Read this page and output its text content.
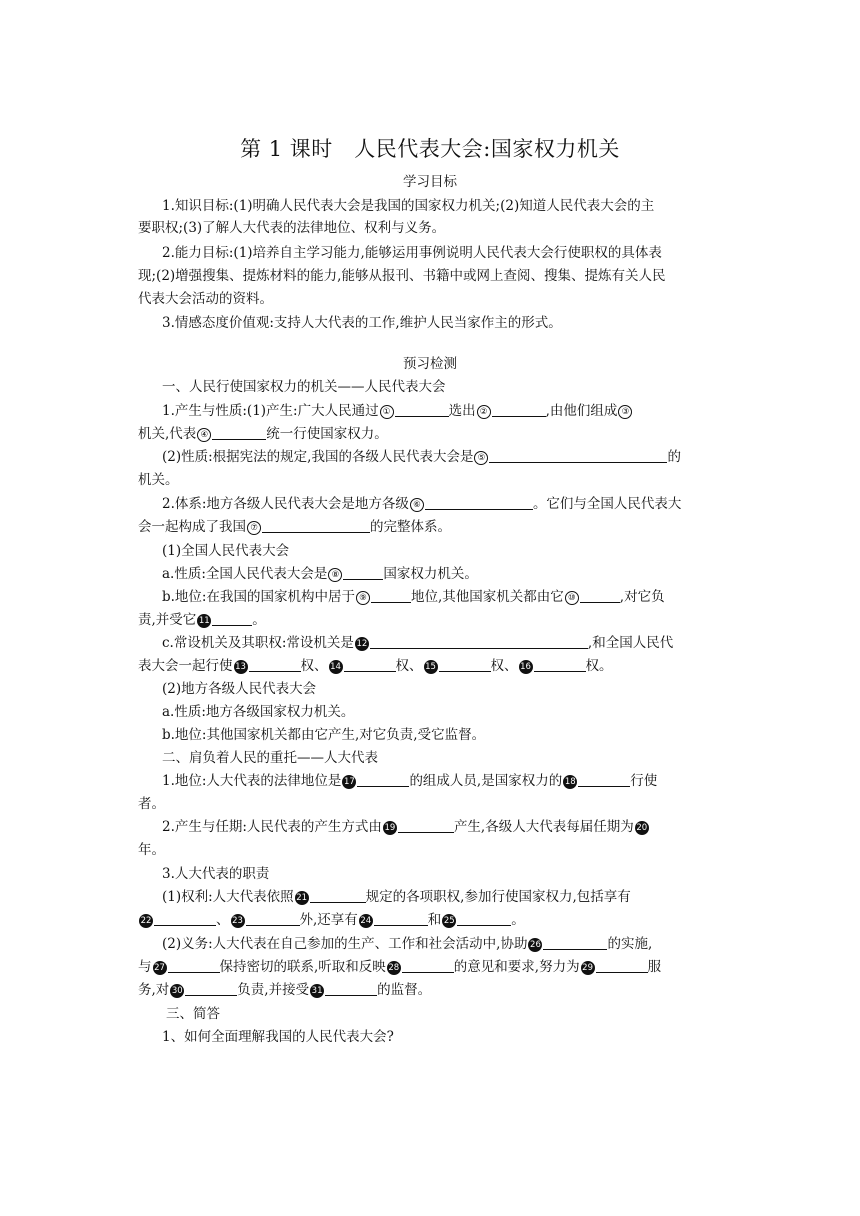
第 1 课时　人民代表大会:国家权力机关
学习目标
1.知识目标:(1)明确人民代表大会是我国的国家权力机关;(2)知道人民代表大会的主
要职权;(3)了解人大代表的法律地位、权利与义务。
2.能力目标:(1)培养自主学习能力,能够运用事例说明人民代表大会行使职权的具体表
现;(2)增强搜集、提炼材料的能力,能够从报刊、书籍中或网上查阅、搜集、提炼有关人民
代表大会活动的资料。
3.情感态度价值观:支持人大代表的工作,维护人民当家作主的形式。
预习检测
一、人民行使国家权力的机关——人民代表大会
1.产生与性质:(1)产生:广大人民通过 ①	选出 ②	,由他们组成 ③
机关,代表 ④	统一行使国家权力。
(2)性质:根据宪法的规定,我国的各级人民代表大会是 ⑤	的
机关。
2.体系:地方各级人民代表大会是地方各级 ⑥	。它们与全国人民代表大
会一起构成了我国 ⑦	的完整体系。
(1)全国人民代表大会
a.性质:全国人民代表大会是 ⑧	国家权力机关。
b.地位:在我国的国家机构中居于 ⑨	地位,其他国家机关都由它 ⑩	,对它负
责,并受它 11	。
c.常设机关及其职权:常设机关是 12	,和全国人民代
表大会一起行使 13	权、 14	权、 15	权、 16	权。
(2)地方各级人民代表大会
a.性质:地方各级国家权力机关。
b.地位:其他国家机关都由它产生,对它负责,受它监督。
二、肩负着人民的重托——人大代表
1.地位:人大代表的法律地位是 17	的组成人员,是国家权力的 18	行使
者。
2.产生与任期:人民代表的产生方式由 19	产生,各级人大代表每届任期为 20
年。
3.人大代表的职责
(1)权利:人大代表依照 21	规定的各项职权,参加行使国家权力,包括享有
22	、 23	外,还享有 24	和 25	。
(2)义务:人大代表在自己参加的生产、工作和社会活动中,协助 26	的实施,
与 27	保持密切的联系,听取和反映 28	的意见和要求,努力为 29	服
务,对 30	负责,并接受 31	的监督。
三、简答
1、如何全面理解我国的人民代表大会?
